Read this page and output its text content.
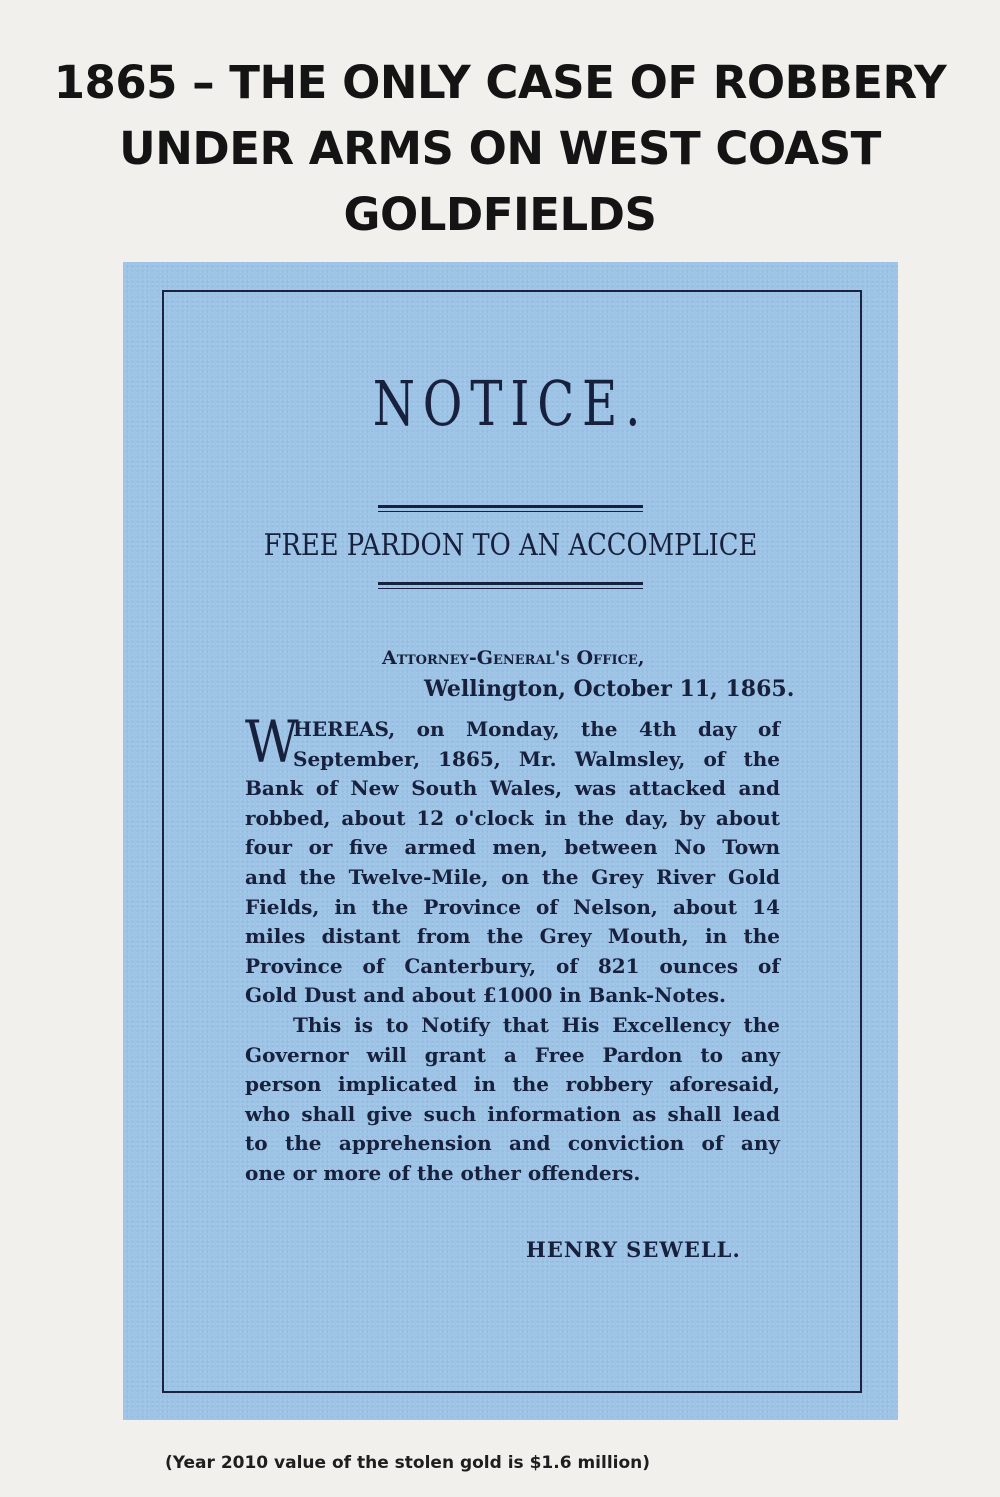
1865 – THE ONLY CASE OF ROBBERY
UNDER ARMS ON WEST COAST
GOLDFIELDS
NOTICE.
FREE PARDON TO AN ACCOMPLICE
Attorney-General's Office,
Wellington, October 11, 1865.
W
HEREAS, on Monday, the 4th day of
September, 1865, Mr. Walmsley, of the
Bank of New South Wales, was attacked and
robbed, about 12 o'clock in the day, by about
four or five armed men, between No Town
and the Twelve-Mile, on the Grey River Gold
Fields, in the Province of Nelson, about 14
miles distant from the Grey Mouth, in the
Province of Canterbury, of 821 ounces of
Gold Dust and about £1000 in Bank-Notes.
This is to Notify that His Excellency the
Governor will grant a Free Pardon to any
person implicated in the robbery aforesaid,
who shall give such information as shall lead
to the apprehension and conviction of any
one or more of the other offenders.
HENRY SEWELL.
(Year 2010 value of the stolen gold is $1.6 million)
